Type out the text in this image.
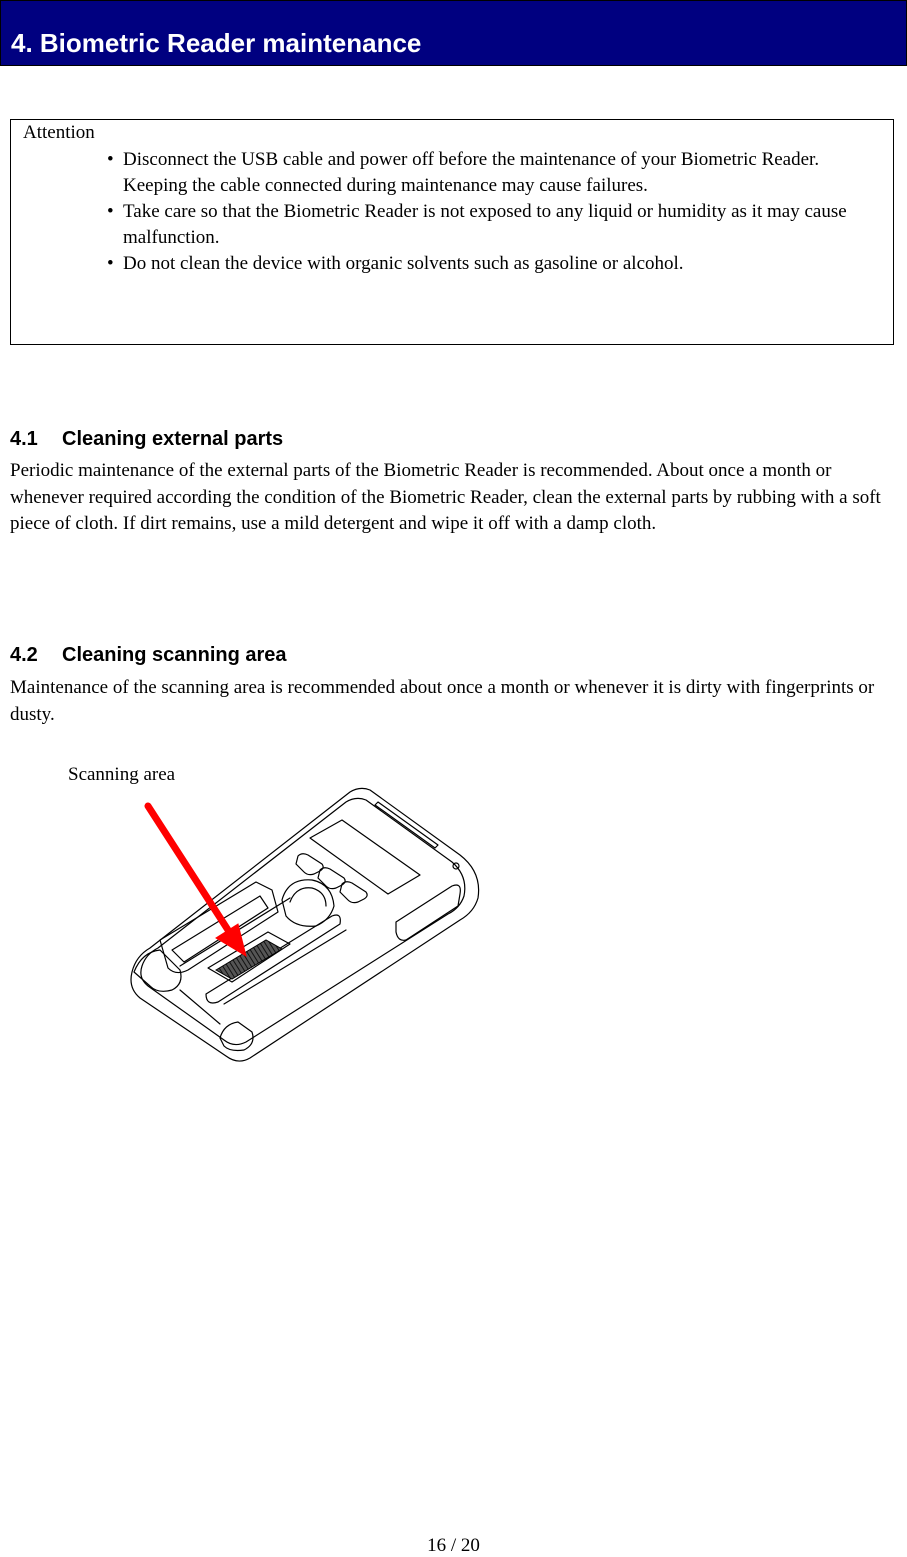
4. Biometric Reader maintenance
Attention
• Disconnect the USB cable and power off before the maintenance of your Biometric Reader. Keeping the cable connected during maintenance may cause failures.
• Take care so that the Biometric Reader is not exposed to any liquid or humidity as it may cause malfunction.
• Do not clean the device with organic solvents such as gasoline or alcohol.
4.1 Cleaning external parts
Periodic maintenance of the external parts of the Biometric Reader is recommended. About once a month or whenever required according the condition of the Biometric Reader, clean the external parts by rubbing with a soft piece of cloth. If dirt remains, use a mild detergent and wipe it off with a damp cloth.
4.2 Cleaning scanning area
Maintenance of the scanning area is recommended about once a month or whenever it is dirty with fingerprints or dusty.
Scanning area
16 / 20
